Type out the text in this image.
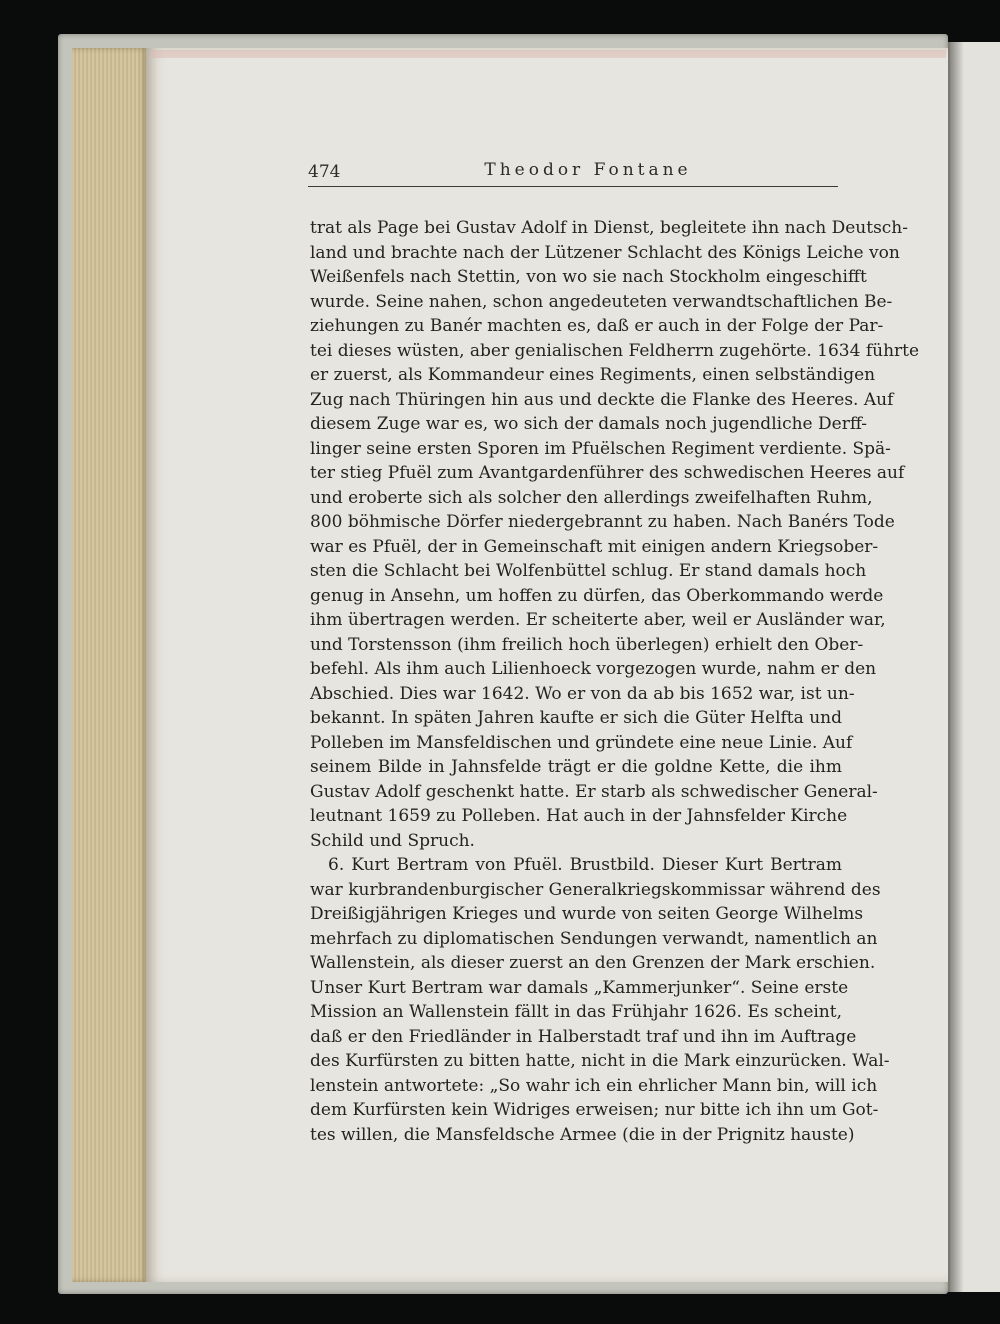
474	Theodor Fontane
trat als Page bei Gustav Adolf in Dienst, begleitete ihn nach Deutsch-
land und brachte nach der Lützener Schlacht des Königs Leiche von
Weißenfels nach Stettin, von wo sie nach Stockholm eingeschifft
wurde. Seine nahen, schon angedeuteten verwandtschaftlichen Be-
ziehungen zu Banér machten es, daß er auch in der Folge der Par-
tei dieses wüsten, aber genialischen Feldherrn zugehörte. 1634 führte
er zuerst, als Kommandeur eines Regiments, einen selbständigen
Zug nach Thüringen hin aus und deckte die Flanke des Heeres. Auf
diesem Zuge war es, wo sich der damals noch jugendliche Derff-
linger seine ersten Sporen im Pfuëlschen Regiment verdiente. Spä-
ter stieg Pfuël zum Avantgardenführer des schwedischen Heeres auf
und eroberte sich als solcher den allerdings zweifelhaften Ruhm,
800 böhmische Dörfer niedergebrannt zu haben. Nach Banérs Tode
war es Pfuël, der in Gemeinschaft mit einigen andern Kriegsober-
sten die Schlacht bei Wolfenbüttel schlug. Er stand damals hoch
genug in Ansehn, um hoffen zu dürfen, das Oberkommando werde
ihm übertragen werden. Er scheiterte aber, weil er Ausländer war,
und Torstensson (ihm freilich hoch überlegen) erhielt den Ober-
befehl. Als ihm auch Lilienhoeck vorgezogen wurde, nahm er den
Abschied. Dies war 1642. Wo er von da ab bis 1652 war, ist un-
bekannt. In späten Jahren kaufte er sich die Güter Helfta und
Polleben im Mansfeldischen und gründete eine neue Linie. Auf
seinem Bilde in Jahnsfelde trägt er die goldne Kette, die ihm
Gustav Adolf geschenkt hatte. Er starb als schwedischer General-
leutnant 1659 zu Polleben. Hat auch in der Jahnsfelder Kirche
Schild und Spruch.
6. Kurt Bertram von Pfuël. Brustbild. Dieser Kurt Bertram
war kurbrandenburgischer Generalkriegskommissar während des
Dreißigjährigen Krieges und wurde von seiten George Wilhelms
mehrfach zu diplomatischen Sendungen verwandt, namentlich an
Wallenstein, als dieser zuerst an den Grenzen der Mark erschien.
Unser Kurt Bertram war damals „Kammerjunker“. Seine erste
Mission an Wallenstein fällt in das Frühjahr 1626. Es scheint,
daß er den Friedländer in Halberstadt traf und ihn im Auftrage
des Kurfürsten zu bitten hatte, nicht in die Mark einzurücken. Wal-
lenstein antwortete: „So wahr ich ein ehrlicher Mann bin, will ich
dem Kurfürsten kein Widriges erweisen; nur bitte ich ihn um Got-
tes willen, die Mansfeldsche Armee (die in der Prignitz hauste)
